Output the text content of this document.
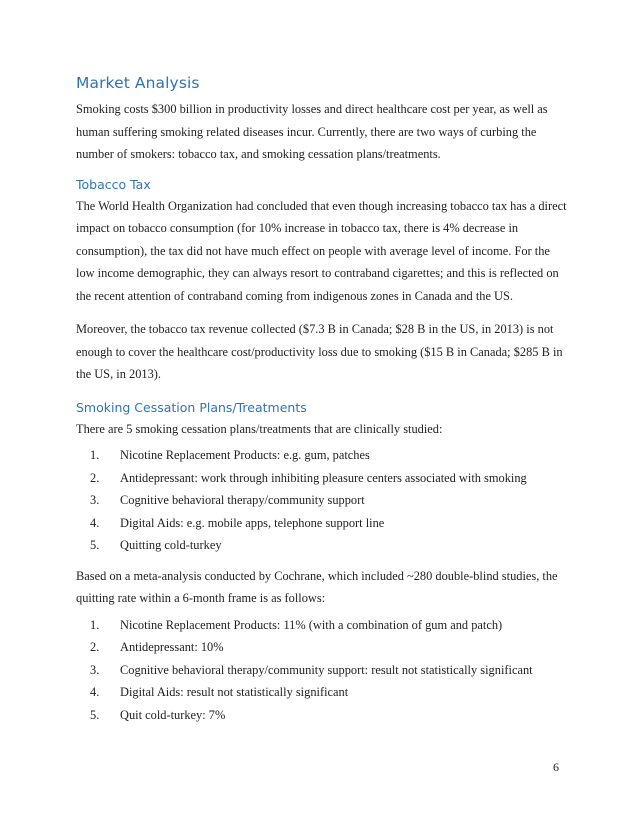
Market Analysis

Smoking costs $300 billion in productivity losses and direct healthcare cost per year, as well as human suffering smoking related diseases incur. Currently, there are two ways of curbing the number of smokers: tobacco tax, and smoking cessation plans/treatments.

Tobacco Tax

The World Health Organization had concluded that even though increasing tobacco tax has a direct impact on tobacco consumption (for 10% increase in tobacco tax, there is 4% decrease in consumption), the tax did not have much effect on people with average level of income. For the low income demographic, they can always resort to contraband cigarettes; and this is reflected on the recent attention of contraband coming from indigenous zones in Canada and the US.

Moreover, the tobacco tax revenue collected ($7.3 B in Canada; $28 B in the US, in 2013) is not enough to cover the healthcare cost/productivity loss due to smoking ($15 B in Canada; $285 B in the US, in 2013).

Smoking Cessation Plans/Treatments

There are 5 smoking cessation plans/treatments that are clinically studied:

1.	Nicotine Replacement Products: e.g. gum, patches
2.	Antidepressant: work through inhibiting pleasure centers associated with smoking
3.	Cognitive behavioral therapy/community support
4.	Digital Aids: e.g. mobile apps, telephone support line
5.	Quitting cold-turkey

Based on a meta-analysis conducted by Cochrane, which included ~280 double-blind studies, the quitting rate within a 6-month frame is as follows:

1.	Nicotine Replacement Products: 11% (with a combination of gum and patch)
2.	Antidepressant: 10%
3.	Cognitive behavioral therapy/community support: result not statistically significant
4.	Digital Aids: result not statistically significant
5.	Quit cold-turkey: 7%
6
